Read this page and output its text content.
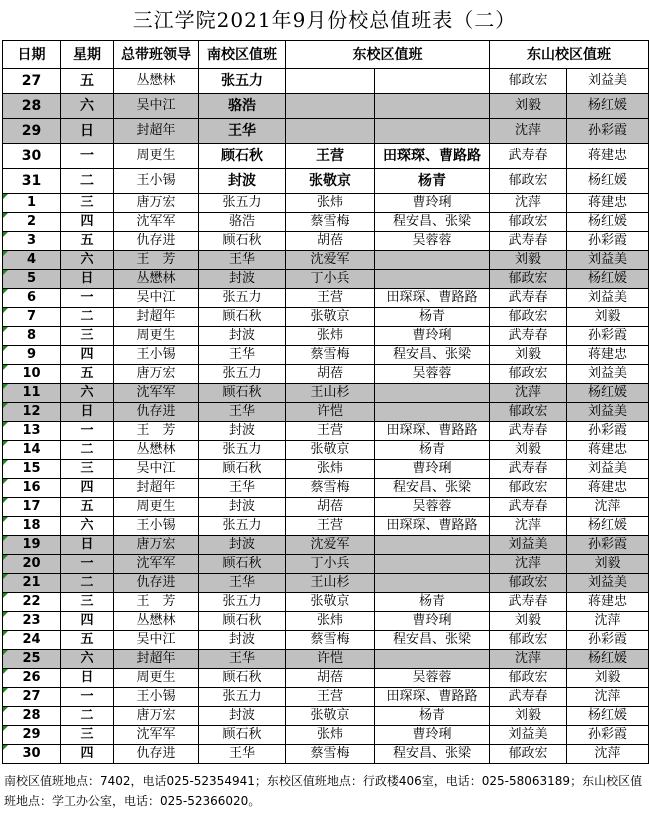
三江学院2021年9月份校总值班表（二）
日期	星期	总带班领导	南校区值班	东校区值班		东山校区值班	
27	五	丛懋林	张五力			郁政宏	刘益美
28	六	吴中江	骆浩			刘毅	杨红媛
29	日	封超年	王华			沈萍	孙彩霞
30	一	周更生	顾石秋	王营	田琛琛、曹路路	武寿春	蒋建忠
31	二	王小锡	封波	张敬京	杨青	郁政宏	杨红媛

1	三	唐万宏	张五力	张炜	曹玲琍	沈萍	蒋建忠

2	四	沈军军	骆浩	蔡雪梅	程安昌、张梁	郁政宏	杨红媛

3	五	仇存进	顾石秋	胡蓓	吴蓉蓉	武寿春	孙彩霞

4	六	王　芳	王华	沈爱军		刘毅	刘益美

5	日	丛懋林	封波	丁小兵		郁政宏	杨红媛

6	一	吴中江	张五力	王营	田琛琛、曹路路	武寿春	刘益美

7	二	封超年	顾石秋	张敬京	杨青	郁政宏	刘毅

8	三	周更生	封波	张炜	曹玲琍	武寿春	孙彩霞

9	四	王小锡	王华	蔡雪梅	程安昌、张梁	刘毅	蒋建忠

10	五	唐万宏	张五力	胡蓓	吴蓉蓉	郁政宏	刘益美

11	六	沈军军	顾石秋	王山杉		沈萍	杨红媛

12	日	仇存进	王华	许恺		郁政宏	刘益美

13	一	王　芳	封波	王营	田琛琛、曹路路	武寿春	孙彩霞

14	二	丛懋林	张五力	张敬京	杨青	刘毅	蒋建忠

15	三	吴中江	顾石秋	张炜	曹玲琍	武寿春	刘益美

16	四	封超年	王华	蔡雪梅	程安昌、张梁	郁政宏	蒋建忠

17	五	周更生	封波	胡蓓	吴蓉蓉	武寿春	沈萍

18	六	王小锡	张五力	王营	田琛琛、曹路路	沈萍	杨红媛

19	日	唐万宏	封波	沈爱军		刘益美	孙彩霞

20	一	沈军军	顾石秋	丁小兵		沈萍	刘毅

21	二	仇存进	王华	王山杉		郁政宏	刘益美

22	三	王　芳	张五力	张敬京	杨青	武寿春	蒋建忠

23	四	丛懋林	顾石秋	张炜	曹玲琍	刘毅	沈萍

24	五	吴中江	封波	蔡雪梅	程安昌、张梁	郁政宏	孙彩霞

25	六	封超年	王华	许恺		沈萍	杨红媛

26	日	周更生	顾石秋	胡蓓	吴蓉蓉	郁政宏	刘毅

27	一	王小锡	张五力	王营	田琛琛、曹路路	武寿春	沈萍

28	二	唐万宏	封波	张敬京	杨青	刘毅	杨红媛

29	三	沈军军	顾石秋	张炜	曹玲琍	刘益美	孙彩霞

30	四	仇存进	王华	蔡雪梅	程安昌、张梁	郁政宏	沈萍
南校区值班地点：7402，电话025-52354941；东校区值班地点：行政楼406室，电话：025-58063189；东山校区值班地点：学工办公室，电话：025-52366020。
